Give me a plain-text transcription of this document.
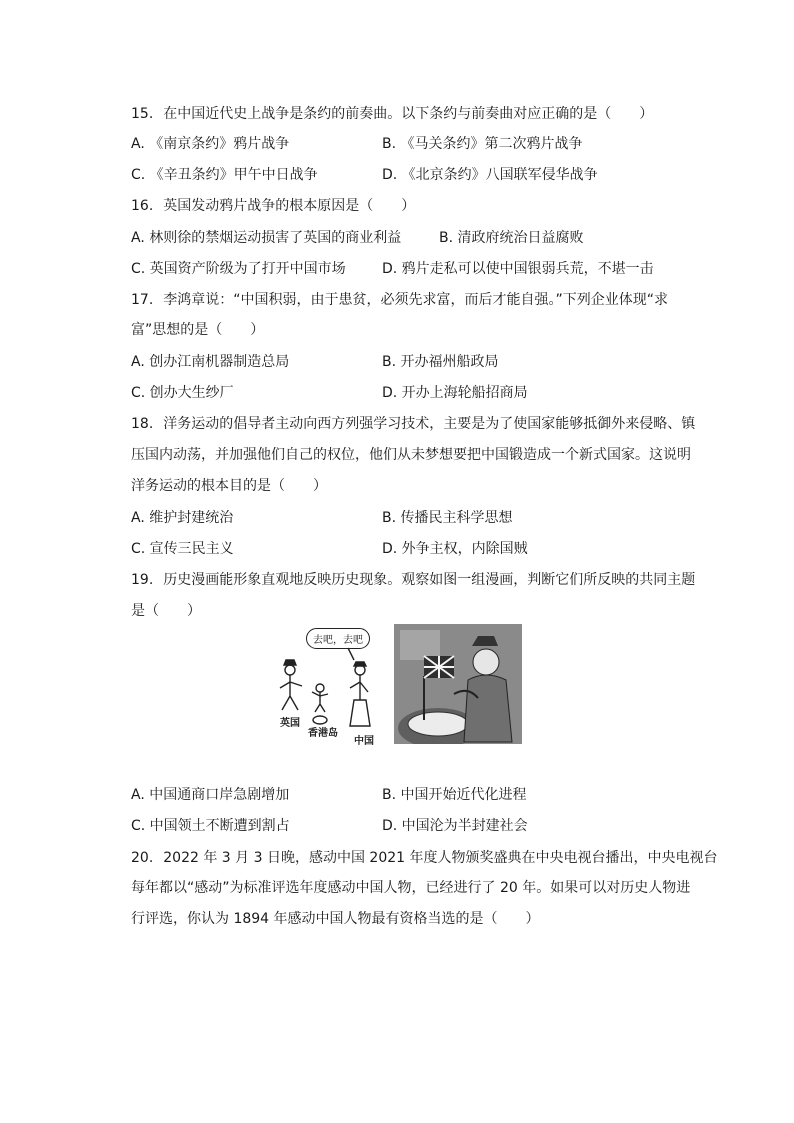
15. 在中国近代史上战争是条约的前奏曲。以下条约与前奏曲对应正确的是（　　）
A. 《南京条约》鸦片战争	B. 《马关条约》第二次鸦片战争
C. 《辛丑条约》甲午中日战争	D. 《北京条约》八国联军侵华战争
16. 英国发动鸦片战争的根本原因是（　　）
A. 林则徐的禁烟运动损害了英国的商业利益	B. 清政府统治日益腐败
C. 英国资产阶级为了打开中国市场	D. 鸦片走私可以使中国银弱兵荒，不堪一击
17. 李鸿章说：“中国积弱，由于患贫，必须先求富，而后才能自强。”下列企业体现“求
富”思想的是（　　）
A. 创办江南机器制造总局	B. 开办福州船政局
C. 创办大生纱厂	D. 开办上海轮船招商局
18. 洋务运动的倡导者主动向西方列强学习技术，主要是为了使国家能够抵御外来侵略、镇
压国内动荡，并加强他们自己的权位，他们从未梦想要把中国锻造成一个新式国家。这说明
洋务运动的根本目的是（　　）
A. 维护封建统治	B. 传播民主科学思想
C. 宣传三民主义	D. 外争主权，内除国贼
19. 历史漫画能形象直观地反映历史现象。观察如图一组漫画，判断它们所反映的共同主题
是（　　）
去吧，去吧
英国
香港岛
中国
A. 中国通商口岸急剧增加	B. 中国开始近代化进程
C. 中国领土不断遭到割占	D. 中国沦为半封建社会
20. 2022 年 3 月 3 日晚，感动中国 2021 年度人物颁奖盛典在中央电视台播出，中央电视台
每年都以“感动”为标准评选年度感动中国人物，已经进行了 20 年。如果可以对历史人物进
行评选，你认为 1894 年感动中国人物最有资格当选的是（　　）
